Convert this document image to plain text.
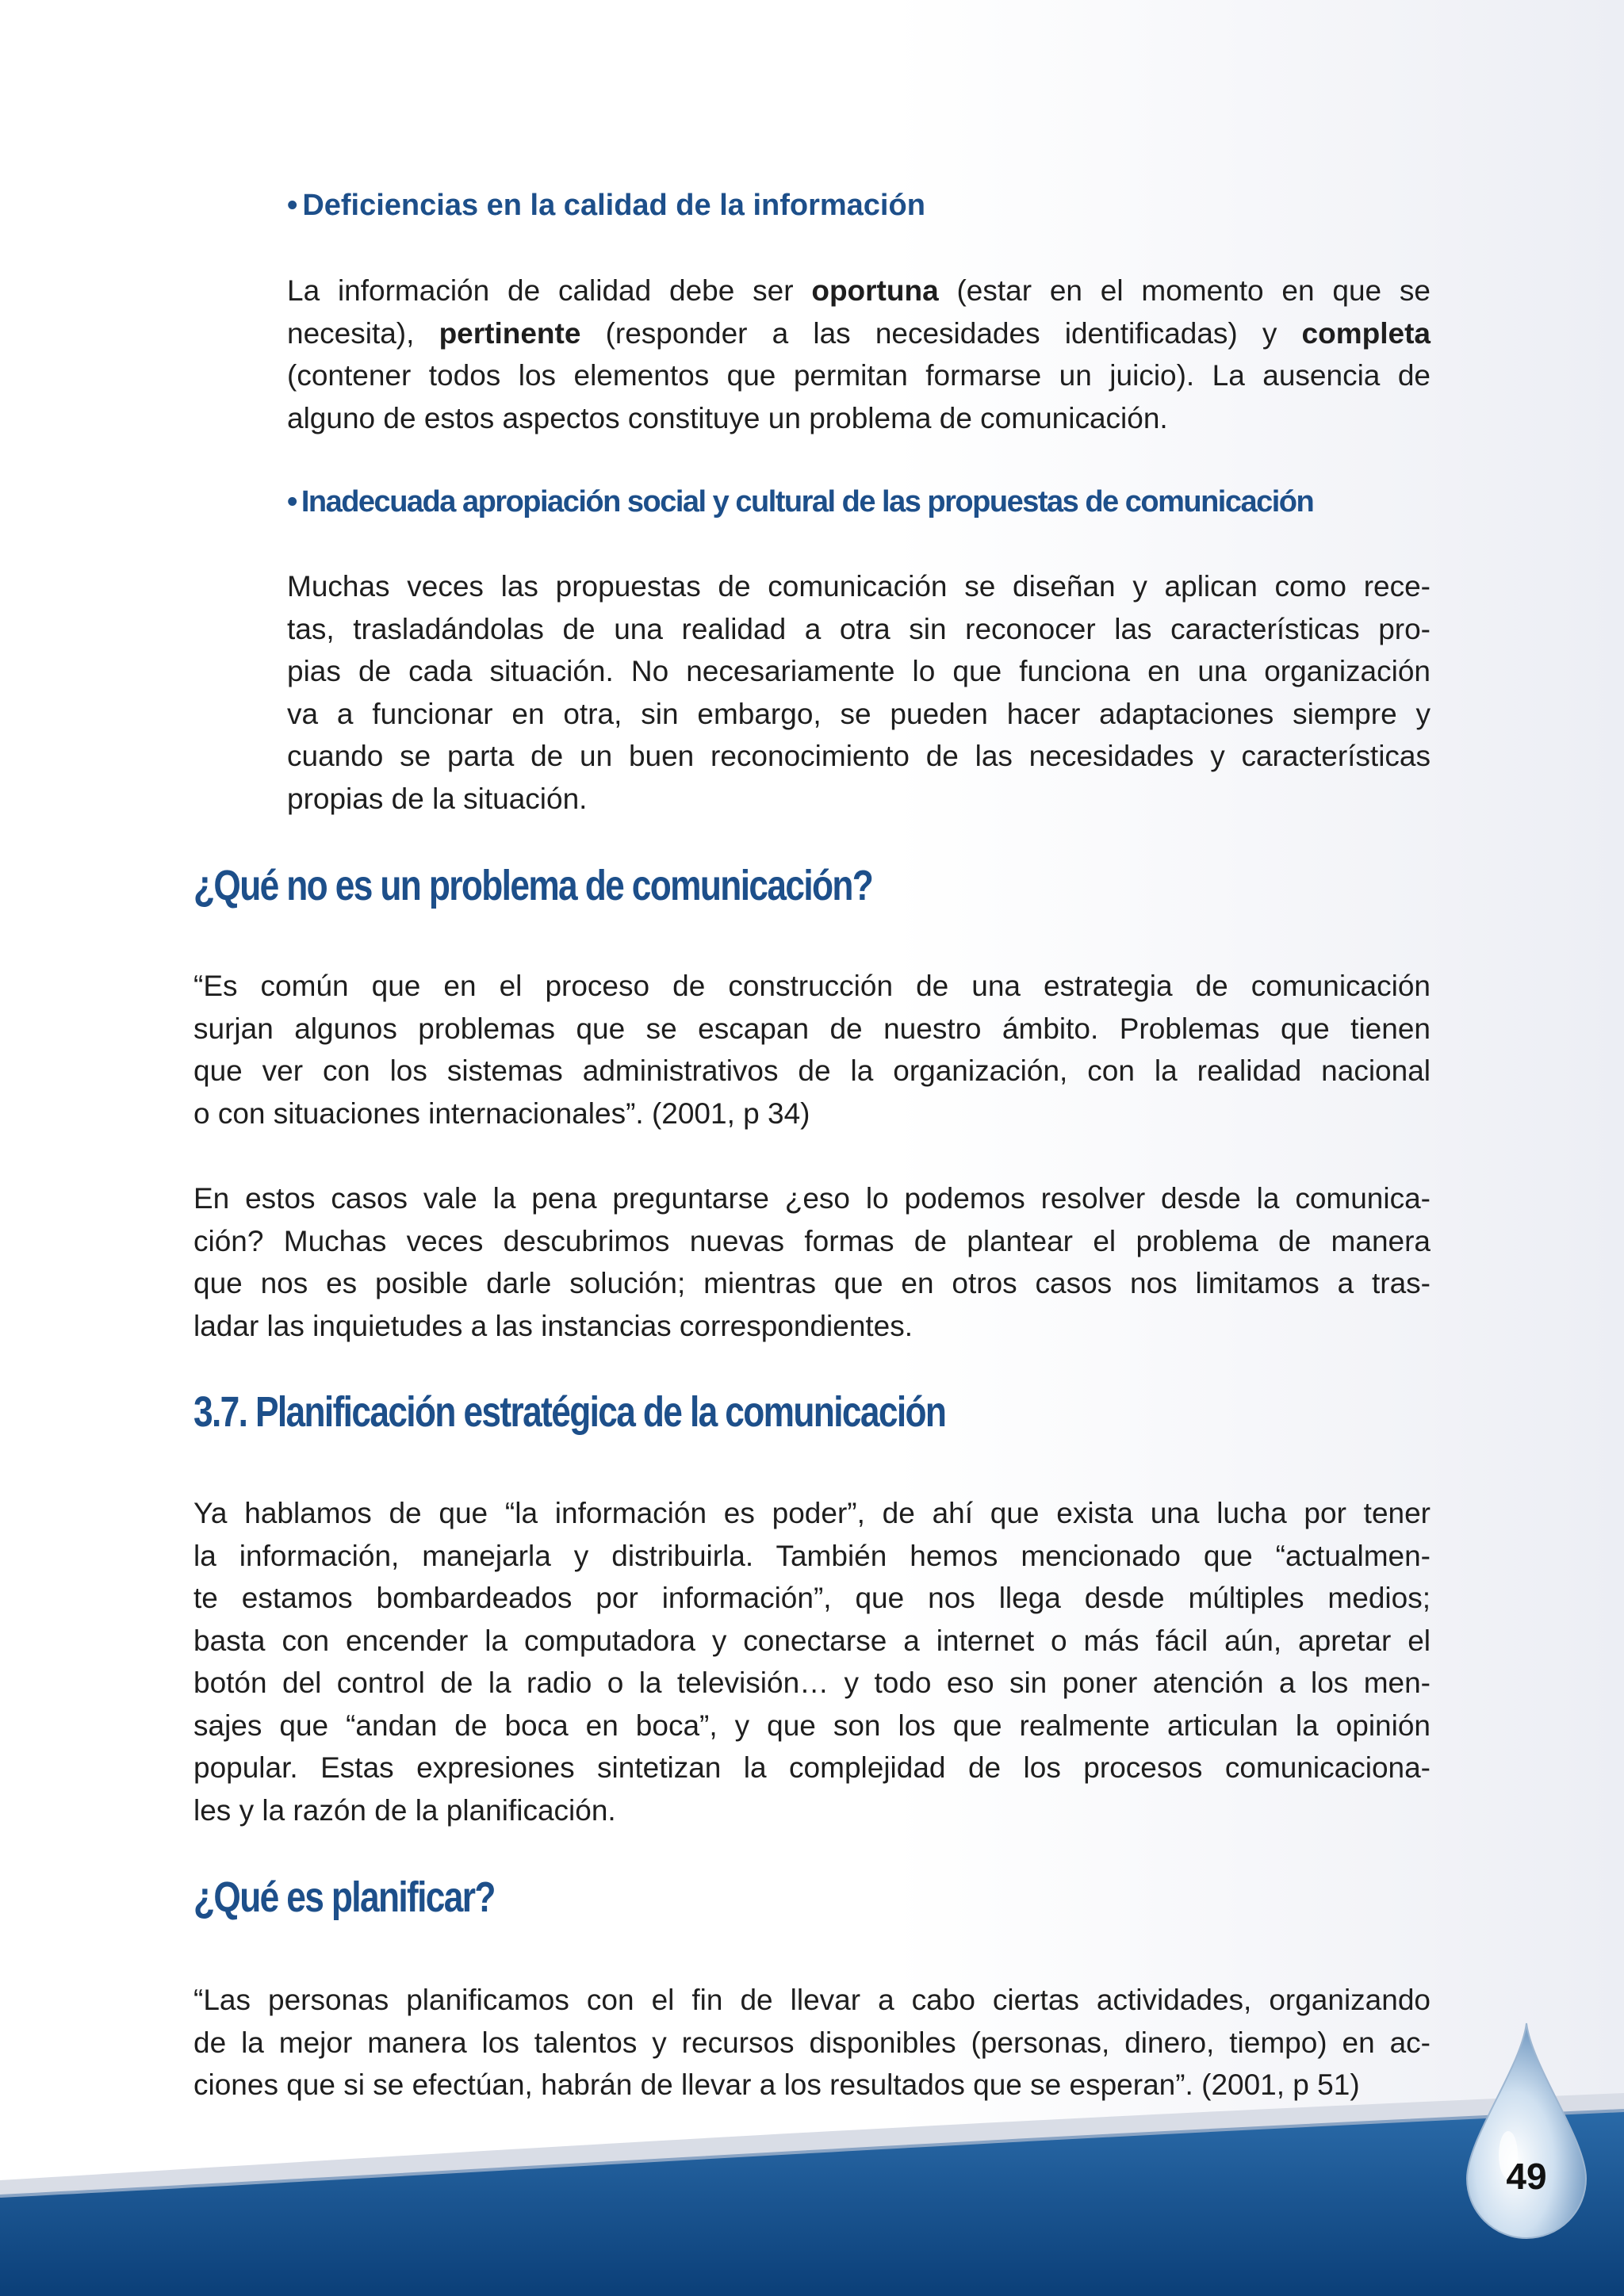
• Deficiencias en la calidad de la información
La información de calidad debe ser oportuna (estar en el momento en que se
necesita), pertinente (responder a las necesidades identificadas) y completa
(contener todos los elementos que permitan formarse un juicio). La ausencia de
alguno de estos aspectos constituye un problema de comunicación.
• Inadecuada apropiación social y cultural de las propuestas de comunicación
Muchas veces las propuestas de comunicación se diseñan y aplican como rece-
tas, trasladándolas de una realidad a otra sin reconocer las características pro-
pias de cada situación. No necesariamente lo que funciona en una organización
va a funcionar en otra, sin embargo, se pueden hacer adaptaciones siempre y
cuando se parta de un buen reconocimiento de las necesidades y características
propias de la situación.
¿Qué no es un problema de comunicación?
“Es común que en el proceso de construcción de una estrategia de comunicación
surjan algunos problemas que se escapan de nuestro ámbito. Problemas que tienen
que ver con los sistemas administrativos de la organización, con la realidad nacional
o con situaciones internacionales”. (2001, p 34)
En estos casos vale la pena preguntarse ¿eso lo podemos resolver desde la comunica-
ción? Muchas veces descubrimos nuevas formas de plantear el problema de manera
que nos es posible darle solución; mientras que en otros casos nos limitamos a tras-
ladar las inquietudes a las instancias correspondientes.
3.7. Planificación estratégica de la comunicación
Ya hablamos de que “la información es poder”, de ahí que exista una lucha por tener
la información, manejarla y distribuirla. También hemos mencionado que “actualmen-
te estamos bombardeados por información”, que nos llega desde múltiples medios;
basta con encender la computadora y conectarse a internet o más fácil aún, apretar el
botón del control de la radio o la televisión… y todo eso sin poner atención a los men-
sajes que “andan de boca en boca”, y que son los que realmente articulan la opinión
popular. Estas expresiones sintetizan la complejidad de los procesos comunicaciona-
les y la razón de la planificación.
¿Qué es planificar?
“Las personas planificamos con el fin de llevar a cabo ciertas actividades, organizando
de la mejor manera los talentos y recursos disponibles (personas, dinero, tiempo) en ac-
ciones que si se efectúan, habrán de llevar a los resultados que se esperan”. (2001, p 51)
49
